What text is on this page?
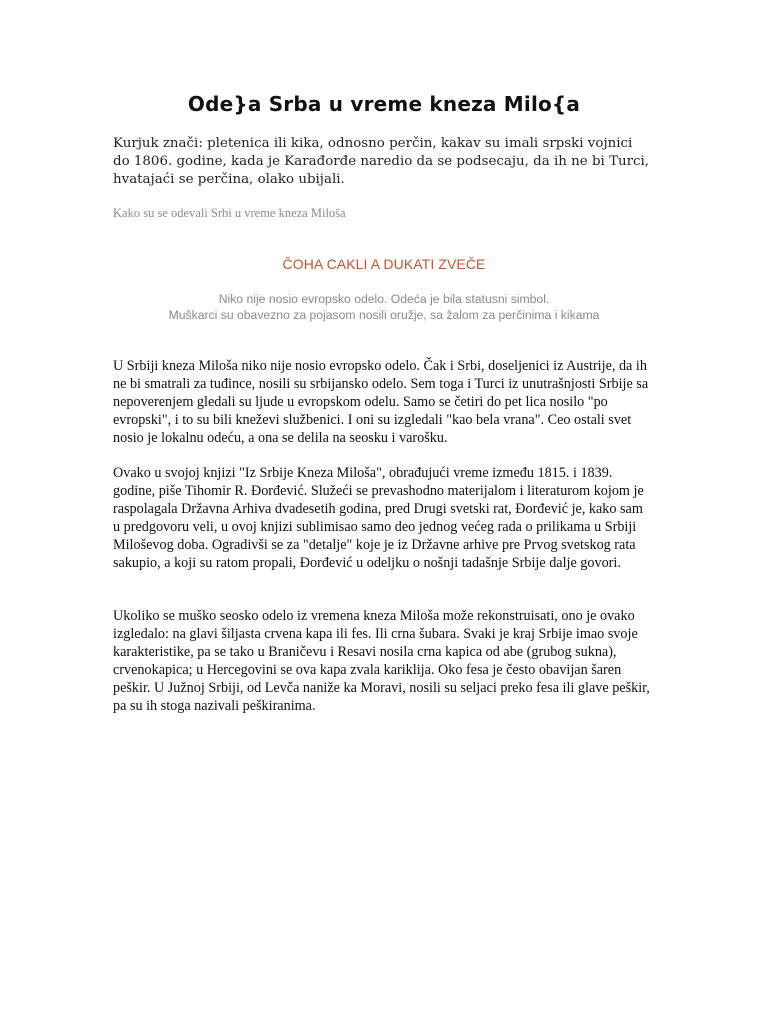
Ode}a Srba u vreme kneza Milo{a
Kurjuk znači: pletenica ili kika, odnosno perčin, kakav su imali srpski vojnici do 1806. godine, kada je Karađorđe naredio da se podsecaju, da ih ne bi Turci, hvatajaći se perčina, olako ubijali.
Kako su se odevali Srbi u vreme kneza Miloša
ČOHA CAKLI A DUKATI ZVEČE
Niko nije nosio evropsko odelo. Odeća je bila statusni simbol.
Muškarci su obavezno za pojasom nosili oružje, sa žalom za perčinima i kikama
U Srbiji kneza Miloša niko nije nosio evropsko odelo. Čak i Srbi, doseljenici iz Austrije, da ih ne bi smatrali za tuđince, nosili su srbijansko odelo. Sem toga i Turci iz unutrašnjosti Srbije sa nepoverenjem gledali su ljude u evropskom odelu. Samo se četiri do pet lica nosilo "po evropski", i to su bili kneževi službenici. I oni su izgledali "kao bela vrana". Ceo ostali svet nosio je lokalnu odeću, a ona se delila na seosku i varošku.
Ovako u svojoj knjizi "Iz Srbije Kneza Miloša", obrađujući vreme između 1815. i 1839. godine, piše Tihomir R. Đorđević. Služeći se prevashodno materijalom i literaturom kojom je raspolagala Državna Arhiva dvadesetih godina, pred Drugi svetski rat, Đorđević je, kako sam u predgovoru veli, u ovoj knjizi sublimisao samo deo jednog većeg rada o prilikama u Srbiji Miloševog doba. Ogradivši se za "detalje" koje je iz Državne arhive pre Prvog svetskog rata sakupio, a koji su ratom propali, Đorđević u odeljku o nošnji tadašnje Srbije dalje govori.
Ukoliko se muško seosko odelo iz vremena kneza Miloša može rekonstruisati, ono je ovako izgledalo: na glavi šiljasta crvena kapa ili fes. Ili crna šubara. Svaki je kraj Srbije imao svoje karakteristike, pa se tako u Braničevu i Resavi nosila crna kapica od abe (grubog sukna), crvenokapica; u Hercegovini se ova kapa zvala kariklija. Oko fesa je često obavijan šaren peškir. U Južnoj Srbiji, od Levča naniže ka Moravi, nosili su seljaci preko fesa ili glave peškir, pa su ih stoga nazivali peškiranima.
